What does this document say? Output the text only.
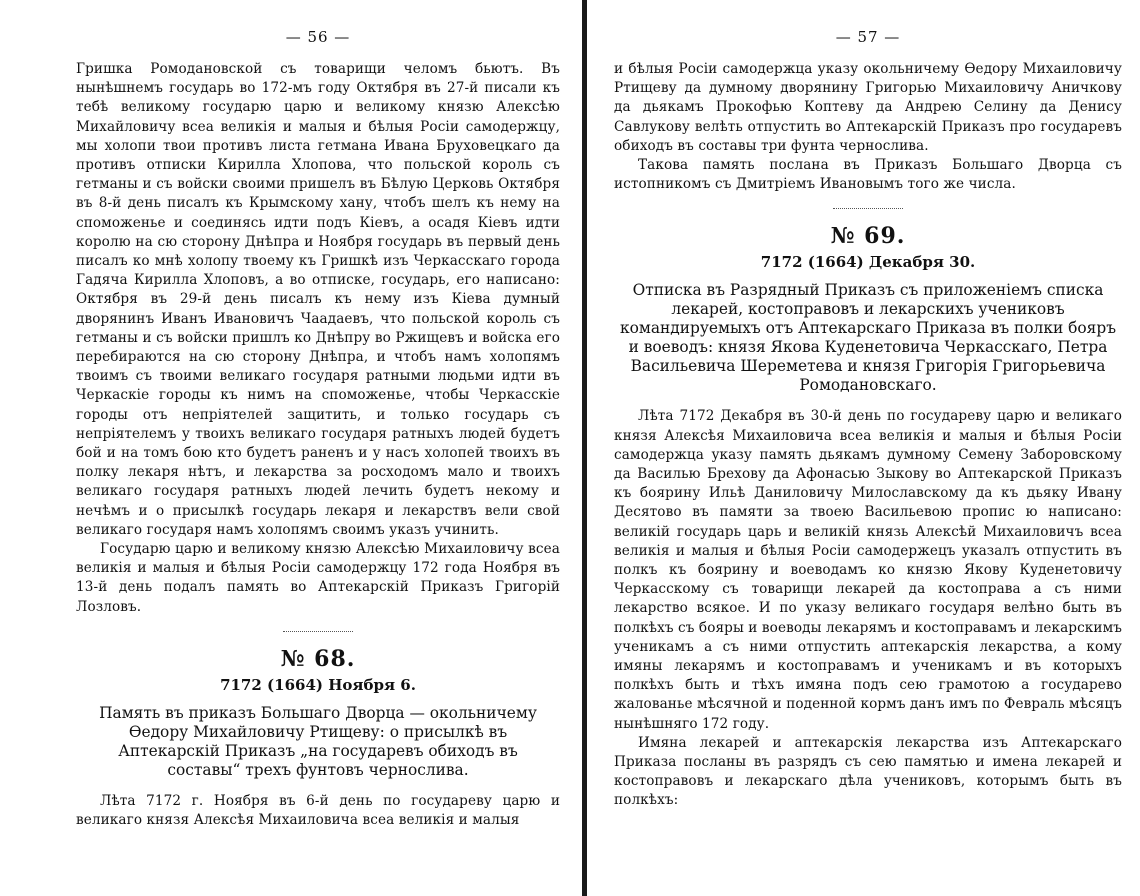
— 56 —

Гришка Ромодановской съ товарищи челомъ бьютъ. Въ нынѣшнемъ государь во 172-мъ году Октября въ 27-й писали къ тебѣ великому государю царю и великому князю Алексѣю Михайловичу всеа великія и малыя и бѣлыя Росіи самодержцу, мы холопи твои противъ листа гетмана Ивана Бруховецкаго да противъ отписки Кирилла Хлопова, что польской король съ гетманы и съ войски своими пришелъ въ Бѣлую Церковь Октября въ 8-й день писалъ къ Крымскому хану, чтобъ шелъ къ нему на споможенье и соединясь идти подъ Кіевъ, а осадя Кіевъ идти королю на сю сторону Днѣпра и Ноября государь въ первый день писалъ ко мнѣ холопу твоему къ Гришкѣ изъ Черкасскаго города Гадяча Кирилла Хлоповъ, а во отписке, государь, его написано: Октября въ 29-й день писалъ къ нему изъ Кіева думный дворянинъ Иванъ Ивановичъ Чаадаевъ, что польской король съ гетманы и съ войски пришлъ ко Днѣпру во Ржищевъ и войска его перебираются на сю сторону Днѣпра, и чтобъ намъ холопямъ твоимъ съ твоими великаго государя ратными людьми идти въ Черкаскіе городы къ нимъ на споможенье, чтобы Черкасскіе городы отъ непріятелей защитить, и только государь съ непріятелемъ у твоихъ великаго государя ратныхъ людей будетъ бой и на томъ бою кто будетъ раненъ и у насъ холопей твоихъ въ полку лекаря нѣтъ, и лекарства за росходомъ мало и твоихъ великаго государя ратныхъ людей лечить будетъ некому и нечѣмъ и о присылкѣ государь лекаря и лекарствъ вели свой великаго государя намъ холопямъ своимъ указъ учинить.

Государю царю и великому князю Алексѣю Михаиловичу всеа великія и малыя и бѣлыя Росіи самодержцу 172 года Ноября въ 13-й день подалъ память во Аптекарскій Приказъ Григорій Лозловъ.

№ 68.
7172 (1664) Ноября 6.
Память въ приказъ Большаго Дворца — окольничему Ѳедору Михайловичу Ртищеву: о присылкѣ въ Аптекарскій Приказъ „на государевъ обиходъ въ составы“ трехъ фунтовъ чернослива.

Лѣта 7172 г. Ноября въ 6-й день по государеву царю и великаго князя Алексѣя Михаиловича всеа великія и малыя

— 57 —

и бѣлыя Росіи самодержца указу окольничему Ѳедору Михаиловичу Ртищеву да думному дворянину Григорью Михаиловичу Аничкову да дьякамъ Прокофью Коптеву да Андрею Селину да Денису Савлукову велѣть отпустить во Аптекарскій Приказъ про государевъ обиходъ въ составы три фунта чернослива.

Такова память послана въ Приказъ Большаго Дворца съ истопникомъ съ Дмитріемъ Ивановымъ того же числа.

№ 69.
7172 (1664) Декабря 30.
Отписка въ Разрядный Приказъ съ приложеніемъ списка лекарей, костоправовъ и лекарскихъ учениковъ командируемыхъ отъ Аптекарскаго Приказа въ полки бояръ и воеводъ: князя Якова Куденетовича Черкасскаго, Петра Васильевича Шереметева и князя Григорія Григорьевича Ромодановскаго.

Лѣта 7172 Декабря въ 30-й день по государеву царю и великаго князя Алексѣя Михаиловича всеа великія и малыя и бѣлыя Росіи самодержца указу память дьякамъ думному Семену Заборовскому да Василью Брехову да Афонасью Зыкову во Аптекарской Приказъ къ боярину Ильѣ Даниловичу Милославскому да къ дьяку Ивану Десятово въ памяти за твоею Васильевою пропис ю написано: великій государь царь и великій князь Алексѣй Михаиловичъ всеа великія и малыя и бѣлыя Росіи самодержецъ указалъ отпустить въ полкъ къ боярину и воеводамъ ко князю Якову Куденетовичу Черкасскому съ товарищи лекарей да костоправа а съ ними лекарство всякое. И по указу великаго государя велѣно быть въ полкѣхъ съ бояры и воеводы лекарямъ и костоправамъ и лекарскимъ ученикамъ а съ ними отпустить аптекарскія лекарства, а кому имяны лекарямъ и костоправамъ и ученикамъ и въ которыхъ полкѣхъ быть и тѣхъ имяна подъ сею грамотою а государево жалованье мѣсячной и поденной кормъ данъ имъ по Февраль мѣсяцъ нынѣшняго 172 году.

Имяна лекарей и аптекарскія лекарства изъ Аптекарскаго Приказа посланы въ разрядъ съ сею памятью и имена лекарей и костоправовъ и лекарскаго дѣла учениковъ, которымъ быть въ полкѣхъ:
